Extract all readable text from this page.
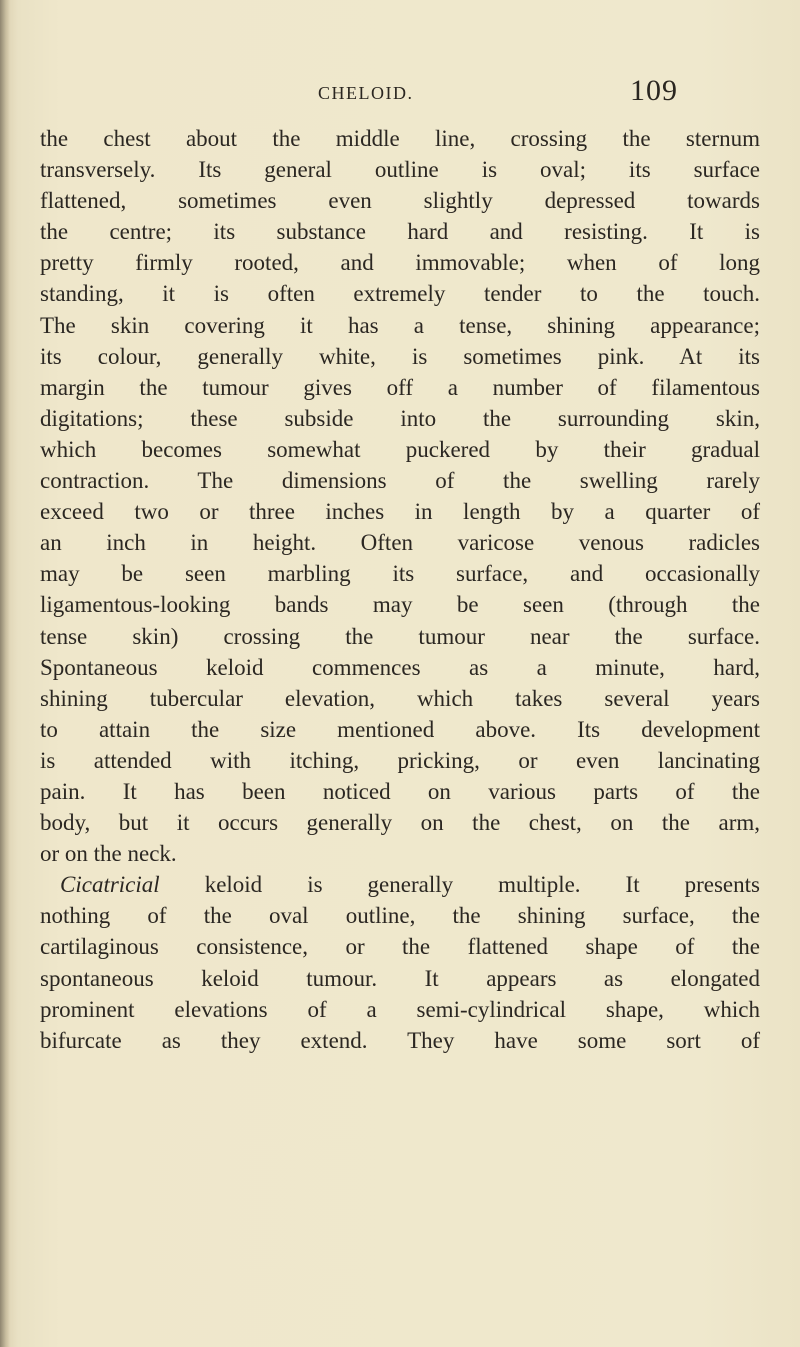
CHELOID.	109
the chest about the middle line, crossing the sternum
transversely. Its general outline is oval; its surface
flattened, sometimes even slightly depressed towards
the centre; its substance hard and resisting. It is
pretty firmly rooted, and immovable; when of long
standing, it is often extremely tender to the touch.
The skin covering it has a tense, shining appearance;
its colour, generally white, is sometimes pink. At its
margin the tumour gives off a number of filamentous
digitations; these subside into the surrounding skin,
which becomes somewhat puckered by their gradual
contraction. The dimensions of the swelling rarely
exceed two or three inches in length by a quarter of
an inch in height. Often varicose venous radicles
may be seen marbling its surface, and occasionally
ligamentous-looking bands may be seen (through the
tense skin) crossing the tumour near the surface.
Spontaneous keloid commences as a minute, hard,
shining tubercular elevation, which takes several years
to attain the size mentioned above. Its development
is attended with itching, pricking, or even lancinating
pain. It has been noticed on various parts of the
body, but it occurs generally on the chest, on the arm,
or on the neck.
Cicatricial keloid is generally multiple. It presents
nothing of the oval outline, the shining surface, the
cartilaginous consistence, or the flattened shape of the
spontaneous keloid tumour. It appears as elongated
prominent elevations of a semi-cylindrical shape, which
bifurcate as they extend. They have some sort of
